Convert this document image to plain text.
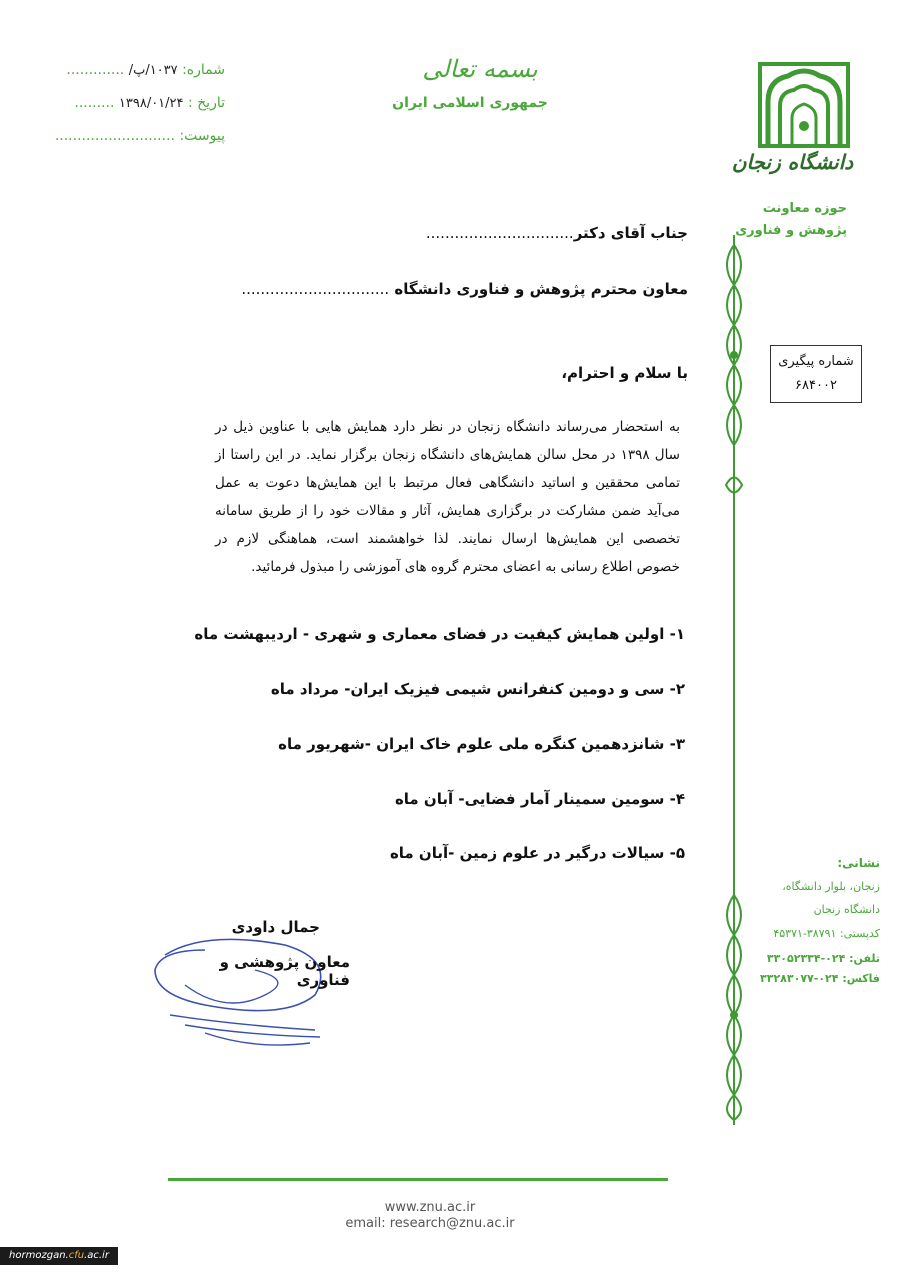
شماره: ۱۰۳۷/پ/ .............
تاریخ : ۱۳۹۸/۰۱/۲۴ .........
پیوست: ...........................
بسمه تعالی
جمهوری اسلامی ایران
دانشگاه زنجان
حوزه معاونت
پژوهش و فناوری
شماره پیگیری
۶۸۴۰۰۲
جناب آقای دکتر...............................
معاون محترم پژوهش و فناوری دانشگاه ...............................
با سلام و احترام،
به استحضار می‌رساند دانشگاه زنجان در نظر دارد همایش هایی با عناوین ذیل در سال ۱۳۹۸ در محل سالن همایش‌های دانشگاه زنجان برگزار نماید. در این راستا از تمامی محققین و اساتید دانشگاهی فعال مرتبط با این همایش‌ها دعوت به عمل می‌آید ضمن مشارکت در برگزاری همایش، آثار و مقالات خود را از طریق سامانه تخصصی این همایش‌ها ارسال نمایند. لذا خواهشمند است، هماهنگی لازم در خصوص اطلاع رسانی به اعضای محترم گروه های آموزشی را مبذول فرمائید.
۱- اولین همایش کیفیت در فضای معماری و شهری - اردیبهشت ماه
۲- سی و دومین کنفرانس شیمی فیزیک ایران- مرداد ماه
۳- شانزدهمین کنگره ملی علوم خاک ایران -شهریور ماه
۴- سومین سمینار آمار فضایی- آبان ماه
۵- سیالات درگیر در علوم زمین -آبان ماه
جمال داودی
معاون پژوهشی و فناوری
نشانی:
زنجان، بلوار دانشگاه،
دانشگاه زنجان
کدپستی: ۳۸۷۹۱-۴۵۳۷۱
تلفن: ۰۲۴-۳۳۰۵۲۳۳۴
فاکس: ۰۲۴-۳۳۲۸۳۰۷۷
www.znu.ac.ir
email: research@znu.ac.ir
hormozgan.cfu.ac.ir
